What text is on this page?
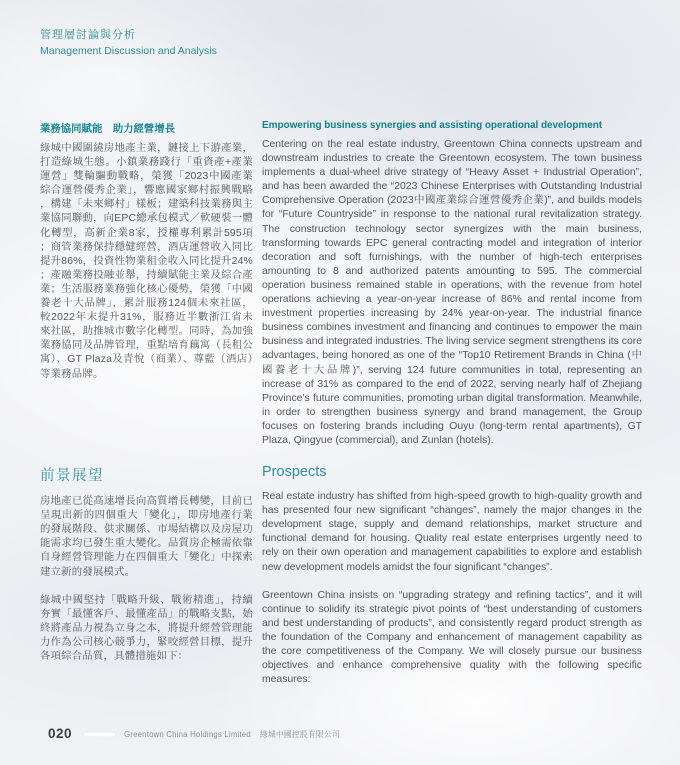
管理層討論與分析
Management Discussion and Analysis
業務協同賦能　助力經營增長

綠城中國圍繞房地產主業，鏈接上下游產業，打造綠城生態。小鎮業務踐行「重資產+產業運營」雙輪驅動戰略，榮獲「2023中國產業綜合運營優秀企業」，響應國家鄉村振興戰略，構建「未來鄉村」樣板；建築科技業務與主業協同聯動，向EPC總承包模式／軟硬裝一體化轉型，高新企業8家，授權專利累計595項；商管業務保持穩健經營，酒店運營收入同比提升86%，投資性物業租金收入同比提升24%；產融業務投融並舉，持續賦能主業及綜合產業；生活服務業務強化核心優勢，榮獲「中國養老十大品牌」，累計服務124個未來社區，較2022年末提升31%，服務近半數浙江省未來社區，助推城市數字化轉型。同時，為加強業務協同及品牌管理，重點培育藕寓（長租公寓）、GT Plaza及青悅（商業）、尊藍（酒店）等業務品牌。

Empowering business synergies and assisting operational development

Centering on the real estate industry, Greentown China connects upstream and downstream industries to create the Greentown ecosystem. The town business implements a dual-wheel drive strategy of “Heavy Asset + Industrial Operation”, and has been awarded the “2023 Chinese Enterprises with Outstanding Industrial Comprehensive Operation (2023中國產業綜合運營優秀企業)”, and builds models for “Future Countryside” in response to the national rural revitalization strategy. The construction technology sector synergizes with the main business, transforming towards EPC general contracting model and integration of interior decoration and soft furnishings, with the number of high-tech enterprises amounting to 8 and authorized patents amounting to 595. The commercial operation business remained stable in operations, with the revenue from hotel operations achieving a year-on-year increase of 86% and rental income from investment properties increasing by 24% year-on-year. The industrial finance business combines investment and financing and continues to empower the main business and integrated industries. The living service segment strengthens its core advantages, being honored as one of the “Top10 Retirement Brands in China (中國養老十大品牌)”, serving 124 future communities in total, representing an increase of 31% as compared to the end of 2022, serving nearly half of Zhejiang Province’s future communities, promoting urban digital transformation. Meanwhile, in order to strengthen business synergy and brand management, the Group focuses on fostering brands including Ouyu (long-term rental apartments), GT Plaza, Qingyue (commercial), and Zunlan (hotels).

前景展望

房地產已從高速增長向高質增長轉變，目前已呈現出新的四個重大「變化」，即房地產行業的發展階段、供求關係、市場結構以及房屋功能需求均已發生重大變化。品質房企極需依靠自身經營管理能力在四個重大「變化」中探索建立新的發展模式。

綠城中國堅持「戰略升級、戰術精進」，持續夯實「最懂客戶、最懂產品」的戰略支點，始終將產品力視為立身之本，將提升經營管理能力作為公司核心競爭力，緊咬經營目標，提升各項綜合品質，具體措施如下：

Prospects

Real estate industry has shifted from high-speed growth to high-quality growth and has presented four new significant “changes”, namely the major changes in the development stage, supply and demand relationships, market structure and functional demand for housing. Quality real estate enterprises urgently need to rely on their own operation and management capabilities to explore and establish new development models amidst the four significant “changes”.

Greentown China insists on “upgrading strategy and refining tactics”, and it will continue to solidify its strategic pivot points of “best understanding of customers and best understanding of products”, and consistently regard product strength as the foundation of the Company and enhancement of management capability as the core competitiveness of the Company. We will closely pursue our business objectives and enhance comprehensive quality with the following specific measures:

020	Greentown China Holdings Limited 綠城中國控股有限公司
